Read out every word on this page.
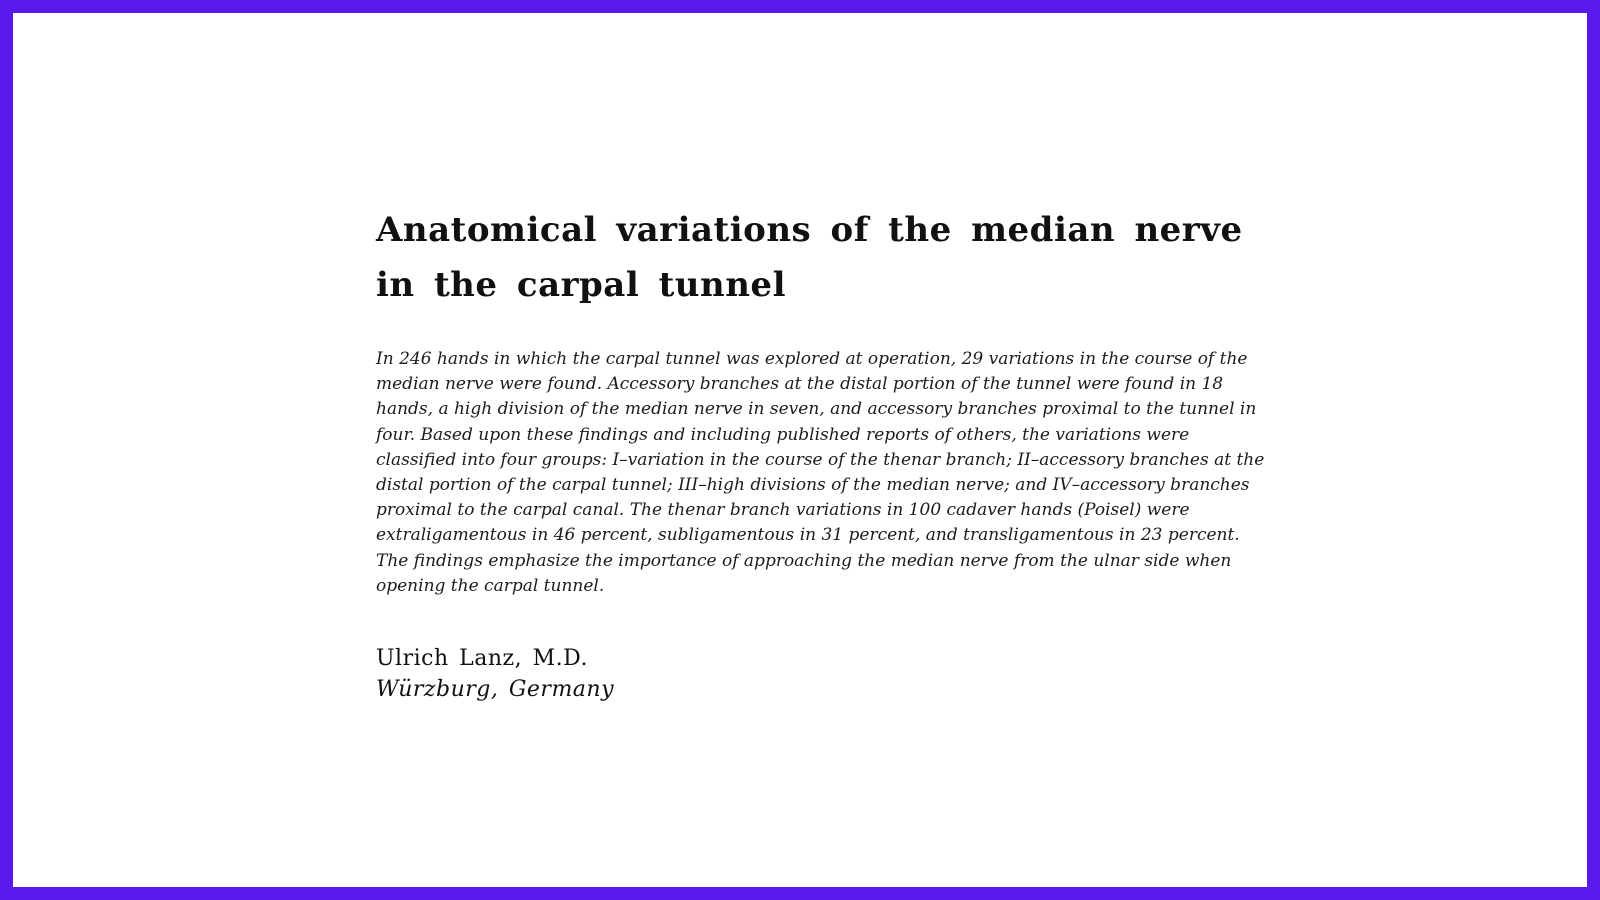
Anatomical variations of the median nerve
in the carpal tunnel
In 246 hands in which the carpal tunnel was explored at operation, 29 variations in the course of the
median nerve were found. Accessory branches at the distal portion of the tunnel were found in 18
hands, a high division of the median nerve in seven, and accessory branches proximal to the tunnel in
four. Based upon these findings and including published reports of others, the variations were
classified into four groups: I–variation in the course of the thenar branch; II–accessory branches at the
distal portion of the carpal tunnel; III–high divisions of the median nerve; and IV–accessory branches
proximal to the carpal canal. The thenar branch variations in 100 cadaver hands (Poisel) were
extraligamentous in 46 percent, subligamentous in 31 percent, and transligamentous in 23 percent.
The findings emphasize the importance of approaching the median nerve from the ulnar side when
opening the carpal tunnel.
Ulrich Lanz, M.D.
Würzburg, Germany
